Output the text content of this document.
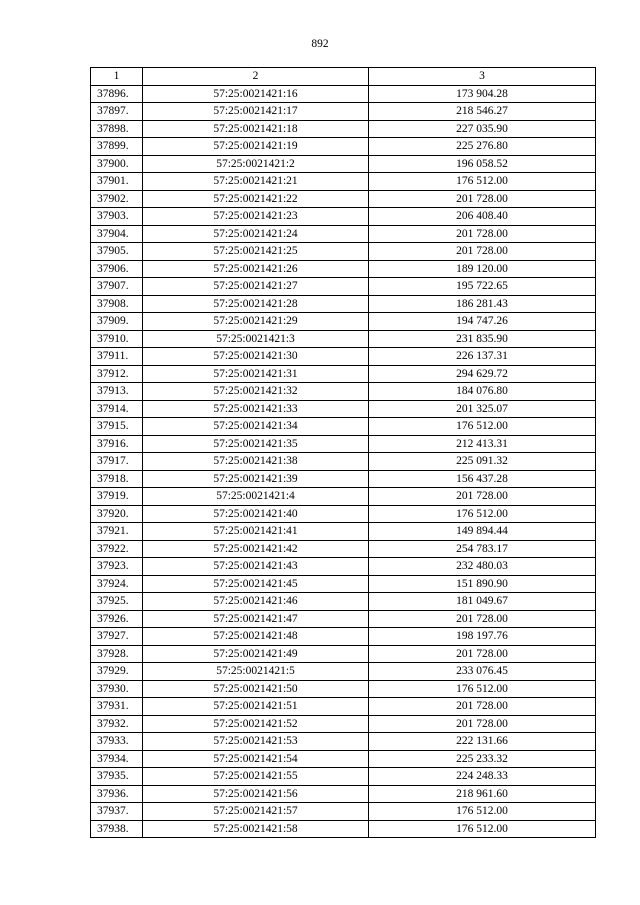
892
1	2	3
37896.	57:25:0021421:16	173 904.28
37897.	57:25:0021421:17	218 546.27
37898.	57:25:0021421:18	227 035.90
37899.	57:25:0021421:19	225 276.80
37900.	57:25:0021421:2	196 058.52
37901.	57:25:0021421:21	176 512.00
37902.	57:25:0021421:22	201 728.00
37903.	57:25:0021421:23	206 408.40
37904.	57:25:0021421:24	201 728.00
37905.	57:25:0021421:25	201 728.00
37906.	57:25:0021421:26	189 120.00
37907.	57:25:0021421:27	195 722.65
37908.	57:25:0021421:28	186 281.43
37909.	57:25:0021421:29	194 747.26
37910.	57:25:0021421:3	231 835.90
37911.	57:25:0021421:30	226 137.31
37912.	57:25:0021421:31	294 629.72
37913.	57:25:0021421:32	184 076.80
37914.	57:25:0021421:33	201 325.07
37915.	57:25:0021421:34	176 512.00
37916.	57:25:0021421:35	212 413.31
37917.	57:25:0021421:38	225 091.32
37918.	57:25:0021421:39	156 437.28
37919.	57:25:0021421:4	201 728.00
37920.	57:25:0021421:40	176 512.00
37921.	57:25:0021421:41	149 894.44
37922.	57:25:0021421:42	254 783.17
37923.	57:25:0021421:43	232 480.03
37924.	57:25:0021421:45	151 890.90
37925.	57:25:0021421:46	181 049.67
37926.	57:25:0021421:47	201 728.00
37927.	57:25:0021421:48	198 197.76
37928.	57:25:0021421:49	201 728.00
37929.	57:25:0021421:5	233 076.45
37930.	57:25:0021421:50	176 512.00
37931.	57:25:0021421:51	201 728.00
37932.	57:25:0021421:52	201 728.00
37933.	57:25:0021421:53	222 131.66
37934.	57:25:0021421:54	225 233.32
37935.	57:25:0021421:55	224 248.33
37936.	57:25:0021421:56	218 961.60
37937.	57:25:0021421:57	176 512.00
37938.	57:25:0021421:58	176 512.00
